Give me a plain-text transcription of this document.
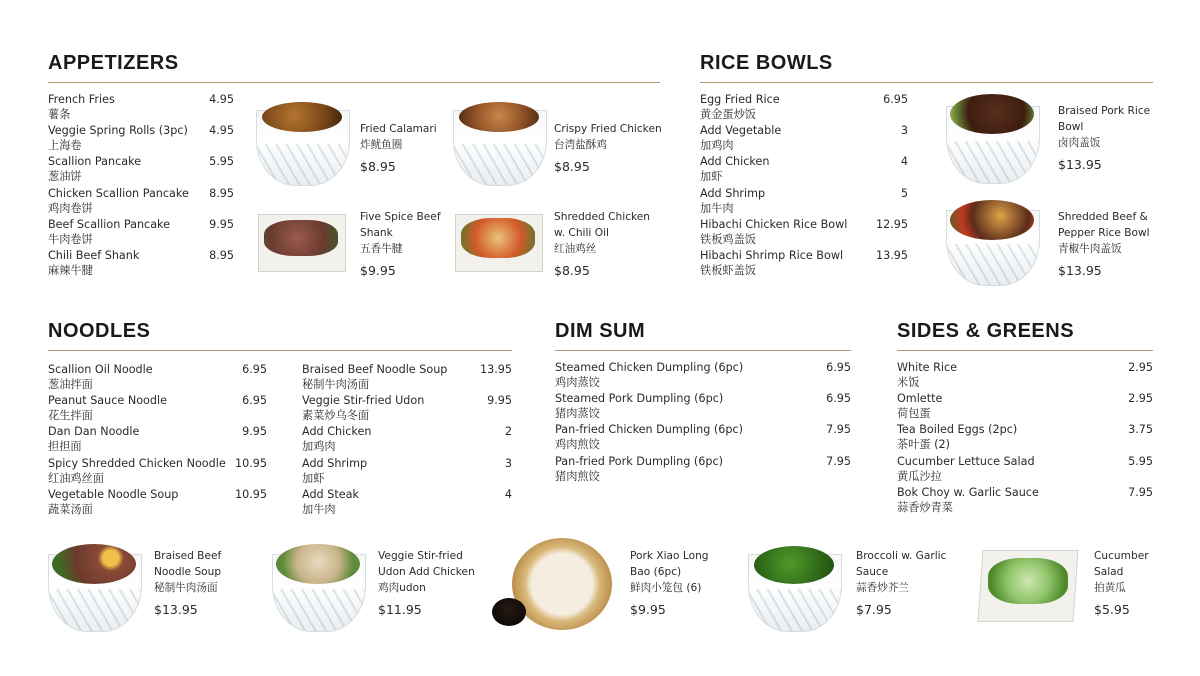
APPETIZERS
French Fries
薯条
4.95
Veggie Spring Rolls (3pc)
上海卷
4.95
Scallion Pancake
葱油饼
5.95
Chicken Scallion Pancake
鸡肉卷饼
8.95
Beef Scallion Pancake
牛肉卷饼
9.95
Chili Beef Shank
麻辣牛腱
8.95
Fried Calamari
炸鱿鱼圈
$8.95
Crispy Fried Chicken
台湾盐酥鸡
$8.95
Five Spice Beef
Shank
五香牛腱
$9.95
Shredded Chicken
w. Chili Oil
红油鸡丝
$8.95
RICE BOWLS
Egg Fried Rice
黄金蛋炒饭
6.95
Add Vegetable
加鸡肉
3
Add Chicken
加虾
4
Add Shrimp
加牛肉
5
Hibachi Chicken Rice Bowl
铁板鸡盖饭
12.95
Hibachi Shrimp Rice Bowl
铁板虾盖饭
13.95
Braised Pork Rice
Bowl
卤肉盖饭
$13.95
Shredded Beef &
Pepper Rice Bowl
青椒牛肉盖饭
$13.95
NOODLES
Scallion Oil Noodle
葱油拌面
6.95
Peanut Sauce Noodle
花生拌面
6.95
Dan Dan Noodle
担担面
9.95
Spicy Shredded Chicken Noodle
红油鸡丝面
10.95
Vegetable Noodle Soup
蔬菜汤面
10.95
Braised Beef Noodle Soup
秘制牛肉汤面
13.95
Veggie Stir-fried Udon
素菜炒乌冬面
9.95
Add Chicken
加鸡肉
2
Add Shrimp
加虾
3
Add Steak
加牛肉
4
DIM SUM
Steamed Chicken Dumpling (6pc)
鸡肉蒸饺
6.95
Steamed Pork Dumpling (6pc)
猪肉蒸饺
6.95
Pan-fried Chicken Dumpling (6pc)
鸡肉煎饺
7.95
Pan-fried Pork Dumpling (6pc)
猪肉煎饺
7.95
SIDES & GREENS
White Rice
米饭
2.95
Omlette
荷包蛋
2.95
Tea Boiled Eggs (2pc)
茶叶蛋 (2)
3.75
Cucumber Lettuce Salad
黄瓜沙拉
5.95
Bok Choy w. Garlic Sauce
蒜香炒青菜
7.95
Braised Beef
Noodle Soup
秘制牛肉汤面
$13.95
Veggie Stir-fried
Udon Add Chicken
鸡肉udon
$11.95
Pork Xiao Long
Bao (6pc)
鲜肉小笼包 (6)
$9.95
Broccoli w. Garlic
Sauce
蒜香炒芥兰
$7.95
Cucumber
Salad
拍黄瓜
$5.95
